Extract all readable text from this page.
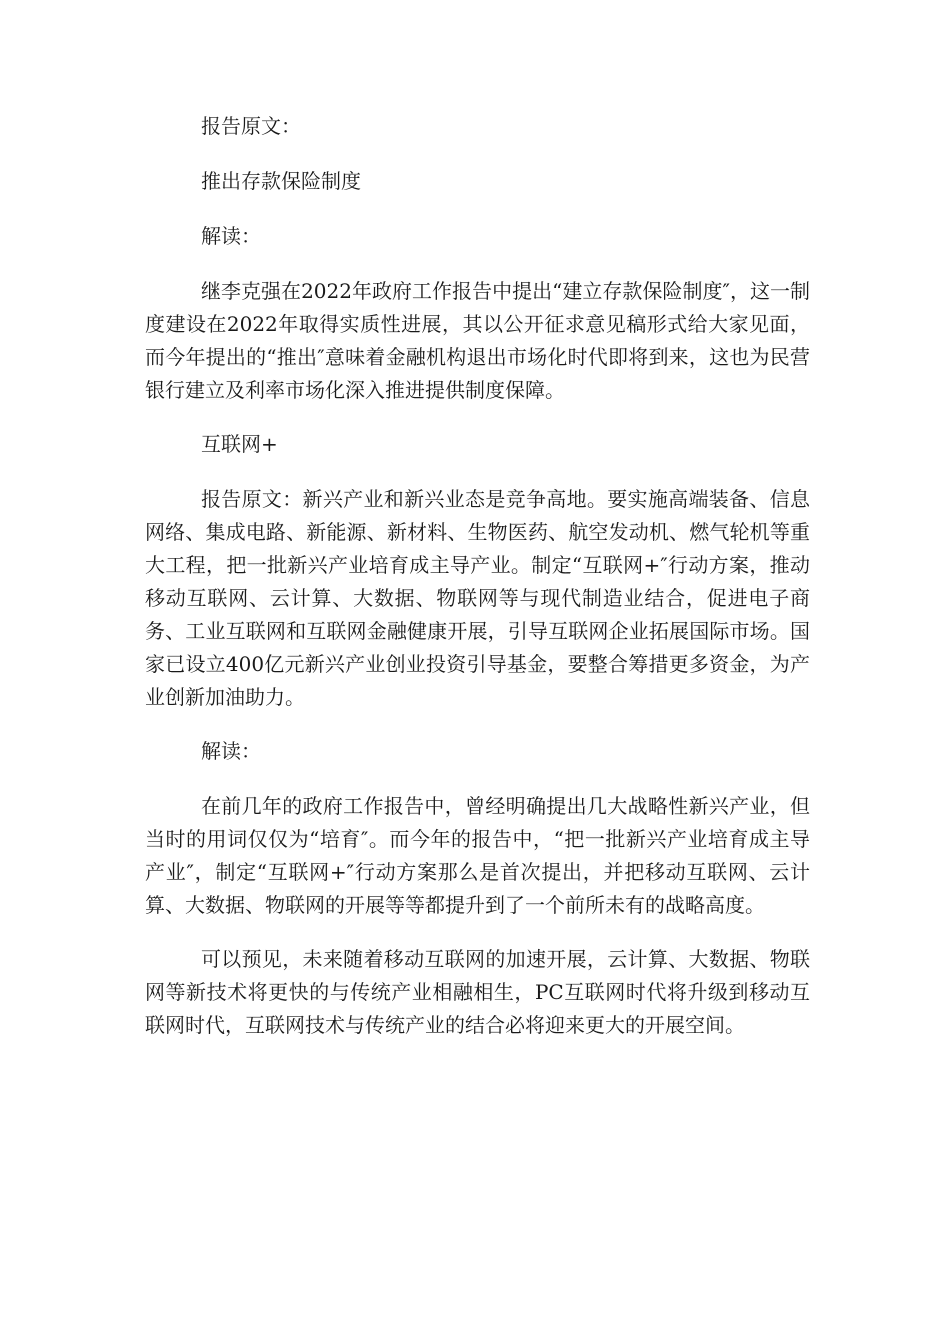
报告原文：

推出存款保险制度

解读：

继李克强在2022年政府工作报告中提出“建立存款保险制度″，这一制度建设在2022年取得实质性进展，其以公开征求意见稿形式给大家见面，而今年提出的“推出″意味着金融机构退出市场化时代即将到来，这也为民营银行建立及利率市场化深入推进提供制度保障。

互联网+

报告原文：新兴产业和新兴业态是竞争高地。要实施高端装备、信息网络、集成电路、新能源、新材料、生物医药、航空发动机、燃气轮机等重大工程，把一批新兴产业培育成主导产业。制定“互联网+″行动方案，推动移动互联网、云计算、大数据、物联网等与现代制造业结合，促进电子商务、工业互联网和互联网金融健康开展，引导互联网企业拓展国际市场。国家已设立400亿元新兴产业创业投资引导基金，要整合筹措更多资金，为产业创新加油助力。

解读：

在前几年的政府工作报告中，曾经明确提出几大战略性新兴产业，但当时的用词仅仅为“培育″。而今年的报告中，“把一批新兴产业培育成主导产业″，制定“互联网+″行动方案那么是首次提出，并把移动互联网、云计算、大数据、物联网的开展等等都提升到了一个前所未有的战略高度。

可以预见，未来随着移动互联网的加速开展，云计算、大数据、物联网等新技术将更快的与传统产业相融相生，PC互联网时代将升级到移动互联网时代，互联网技术与传统产业的结合必将迎来更大的开展空间。
